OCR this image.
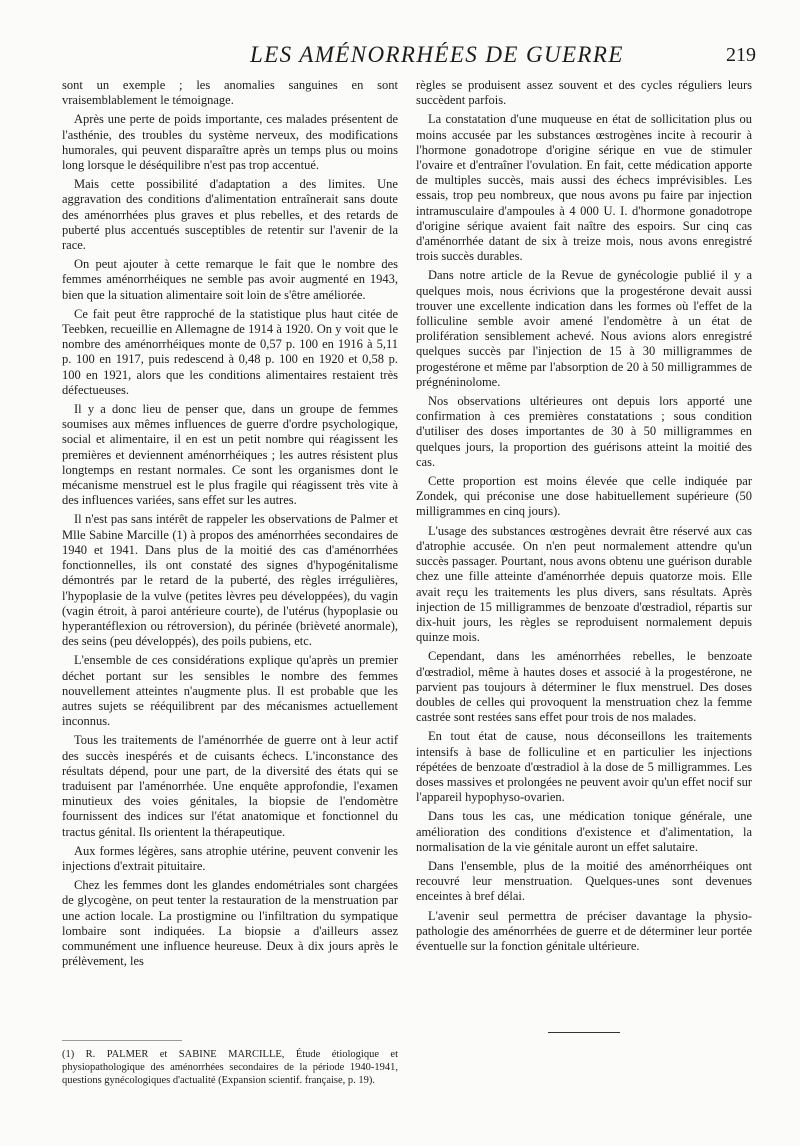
LES AMÉNORRHÉES DE GUERRE	219

sont un exemple ; les anomalies sanguines en sont vraisemblablement le témoignage.

Après une perte de poids importante, ces malades présentent de l'asthénie, des troubles du système nerveux, des modifications humorales, qui peuvent disparaître après un temps plus ou moins long lorsque le déséquilibre n'est pas trop accentué.

Mais cette possibilité d'adaptation a des limites. Une aggravation des conditions d'alimentation entraînerait sans doute des aménorrhées plus graves et plus rebelles, et des retards de puberté plus accentués susceptibles de retentir sur l'avenir de la race.

On peut ajouter à cette remarque le fait que le nombre des femmes aménorrhéiques ne semble pas avoir augmenté en 1943, bien que la situation alimentaire soit loin de s'être améliorée.

Ce fait peut être rapproché de la statistique plus haut citée de Teebken, recueillie en Allemagne de 1914 à 1920. On y voit que le nombre des aménorrhéiques monte de 0,57 p. 100 en 1916 à 5,11 p. 100 en 1917, puis redescend à 0,48 p. 100 en 1920 et 0,58 p. 100 en 1921, alors que les conditions alimentaires restaient très défectueuses.

Il y a donc lieu de penser que, dans un groupe de femmes soumises aux mêmes influences de guerre d'ordre psychologique, social et alimentaire, il en est un petit nombre qui réagissent les premières et deviennent aménorrhéiques ; les autres résistent plus longtemps en restant normales. Ce sont les organismes dont le mécanisme menstruel est le plus fragile qui réagissent très vite à des influences variées, sans effet sur les autres.

Il n'est pas sans intérêt de rappeler les observations de Palmer et Mlle Sabine Marcille (1) à propos des aménorrhées secondaires de 1940 et 1941. Dans plus de la moitié des cas d'aménorrhées fonctionnelles, ils ont constaté des signes d'hypogénitalisme démontrés par le retard de la puberté, des règles irrégulières, l'hypoplasie de la vulve (petites lèvres peu développées), du vagin (vagin étroit, à paroi antérieure courte), de l'utérus (hypoplasie ou hyperantéflexion ou rétroversion), du périnée (brièveté anormale), des seins (peu développés), des poils pubiens, etc.

L'ensemble de ces considérations explique qu'après un premier déchet portant sur les sensibles le nombre des femmes nouvellement atteintes n'augmente plus. Il est probable que les autres sujets se rééquilibrent par des mécanismes actuellement inconnus.

Tous les traitements de l'aménorrhée de guerre ont à leur actif des succès inespérés et de cuisants échecs. L'inconstance des résultats dépend, pour une part, de la diversité des états qui se traduisent par l'aménorrhée. Une enquête approfondie, l'examen minutieux des voies génitales, la biopsie de l'endomètre fournissent des indices sur l'état anatomique et fonctionnel du tractus génital. Ils orientent la thérapeutique.

Aux formes légères, sans atrophie utérine, peuvent convenir les injections d'extrait pituitaire.

Chez les femmes dont les glandes endométriales sont chargées de glycogène, on peut tenter la restauration de la menstruation par une action locale. La prostigmine ou l'infiltration du sympatique lombaire sont indiquées. La biopsie a d'ailleurs assez communément une influence heureuse. Deux à dix jours après le prélèvement, les

(1) R. PALMER et SABINE MARCILLE, Étude étiologique et physiopathologique des aménorrhées secondaires de la période 1940-1941, questions gynécologiques d'actualité (Expansion scientif. française, p. 19).

règles se produisent assez souvent et des cycles réguliers leurs succèdent parfois.

La constatation d'une muqueuse en état de sollicitation plus ou moins accusée par les substances œstrogènes incite à recourir à l'hormone gonadotrope d'origine sérique en vue de stimuler l'ovaire et d'entraîner l'ovulation. En fait, cette médication apporte de multiples succès, mais aussi des échecs imprévisibles. Les essais, trop peu nombreux, que nous avons pu faire par injection intramusculaire d'ampoules à 4 000 U. I. d'hormone gonadotrope d'origine sérique avaient fait naître des espoirs. Sur cinq cas d'aménorrhée datant de six à treize mois, nous avons enregistré trois succès durables.

Dans notre article de la Revue de gynécologie publié il y a quelques mois, nous écrivions que la progestérone devait aussi trouver une excellente indication dans les formes où l'effet de la folliculine semble avoir amené l'endomètre à un état de prolifération sensiblement achevé. Nous avions alors enregistré quelques succès par l'injection de 15 à 30 milligrammes de progestérone et même par l'absorption de 20 à 50 milligrammes de prégnéninolome.

Nos observations ultérieures ont depuis lors apporté une confirmation à ces premières constatations ; sous condition d'utiliser des doses importantes de 30 à 50 milligrammes en quelques jours, la proportion des guérisons atteint la moitié des cas.

Cette proportion est moins élevée que celle indiquée par Zondek, qui préconise une dose habituellement supérieure (50 milligrammes en cinq jours).

L'usage des substances œstrogènes devrait être réservé aux cas d'atrophie accusée. On n'en peut normalement attendre qu'un succès passager. Pourtant, nous avons obtenu une guérison durable chez une fille atteinte d'aménorrhée depuis quatorze mois. Elle avait reçu les traitements les plus divers, sans résultats. Après injection de 15 milligrammes de benzoate d'œstradiol, répartis sur dix-huit jours, les règles se reproduisent normalement depuis quinze mois.

Cependant, dans les aménorrhées rebelles, le benzoate d'œstradiol, même à hautes doses et associé à la progestérone, ne parvient pas toujours à déterminer le flux menstruel. Des doses doubles de celles qui provoquent la menstruation chez la femme castrée sont restées sans effet pour trois de nos malades.

En tout état de cause, nous déconseillons les traitements intensifs à base de folliculine et en particulier les injections répétées de benzoate d'œstradiol à la dose de 5 milligrammes. Les doses massives et prolongées ne peuvent avoir qu'un effet nocif sur l'appareil hypophyso-ovarien.

Dans tous les cas, une médication tonique générale, une amélioration des conditions d'existence et d'alimentation, la normalisation de la vie génitale auront un effet salutaire.

Dans l'ensemble, plus de la moitié des aménorrhéiques ont recouvré leur menstruation. Quelques-unes sont devenues enceintes à bref délai.

L'avenir seul permettra de préciser davantage la physio-pathologie des aménorrhées de guerre et de déterminer leur portée éventuelle sur la fonction génitale ultérieure.
